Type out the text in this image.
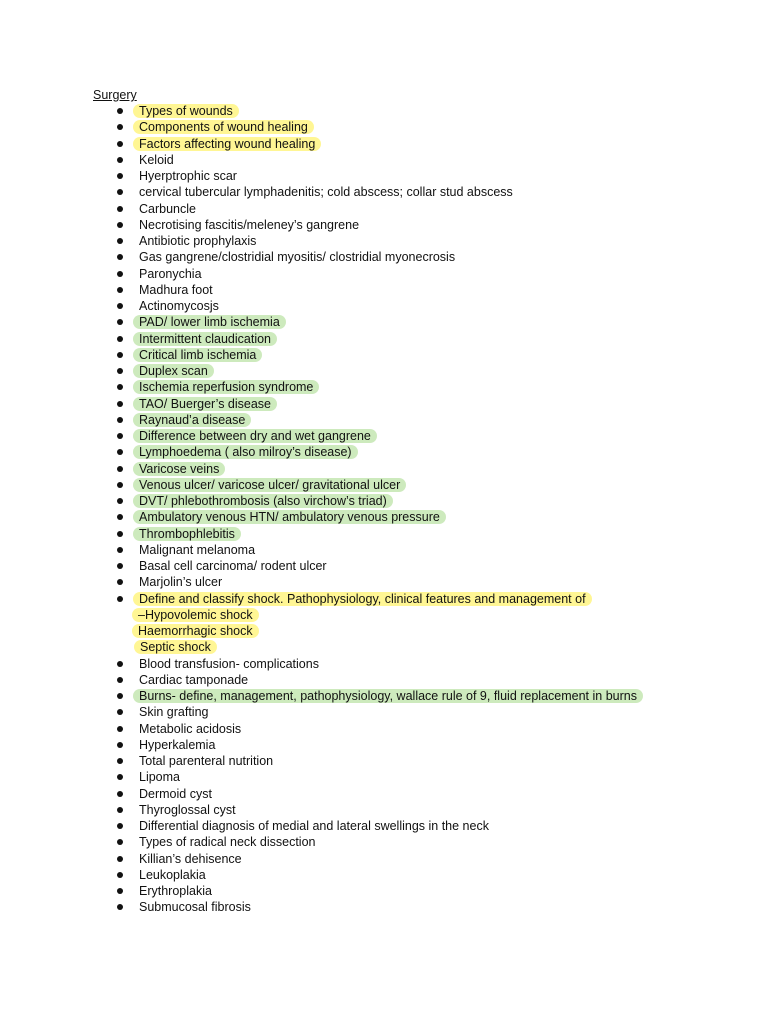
Surgery
Types of wounds
Components of wound healing
Factors affecting wound healing
Keloid
Hyerptrophic scar
cervical tubercular lymphadenitis; cold abscess; collar stud abscess
Carbuncle
Necrotising fascitis/meleney’s gangrene
Antibiotic prophylaxis
Gas gangrene/clostridial myositis/ clostridial myonecrosis
Paronychia
Madhura foot
Actinomycosjs
PAD/ lower limb ischemia
Intermittent claudication
Critical limb ischemia
Duplex scan
Ischemia reperfusion syndrome
TAO/ Buerger’s disease
Raynaud’a disease
Difference between dry and wet gangrene
Lymphoedema ( also milroy’s disease)
Varicose veins
Venous ulcer/ varicose ulcer/ gravitational ulcer
DVT/ phlebothrombosis (also virchow’s triad)
Ambulatory venous HTN/ ambulatory venous pressure
Thrombophlebitis
Malignant melanoma
Basal cell carcinoma/ rodent ulcer
Marjolin’s ulcer
Define and classify shock. Pathophysiology, clinical features and management of
–Hypovolemic shock
Haemorrhagic shock
Septic shock
Blood transfusion- complications
Cardiac tamponade
Burns- define, management, pathophysiology, wallace rule of 9, fluid replacement in burns
Skin grafting
Metabolic acidosis
Hyperkalemia
Total parenteral nutrition
Lipoma
Dermoid cyst
Thyroglossal cyst
Differential diagnosis of medial and lateral swellings in the neck
Types of radical neck dissection
Killian’s dehisence
Leukoplakia
Erythroplakia
Submucosal fibrosis
